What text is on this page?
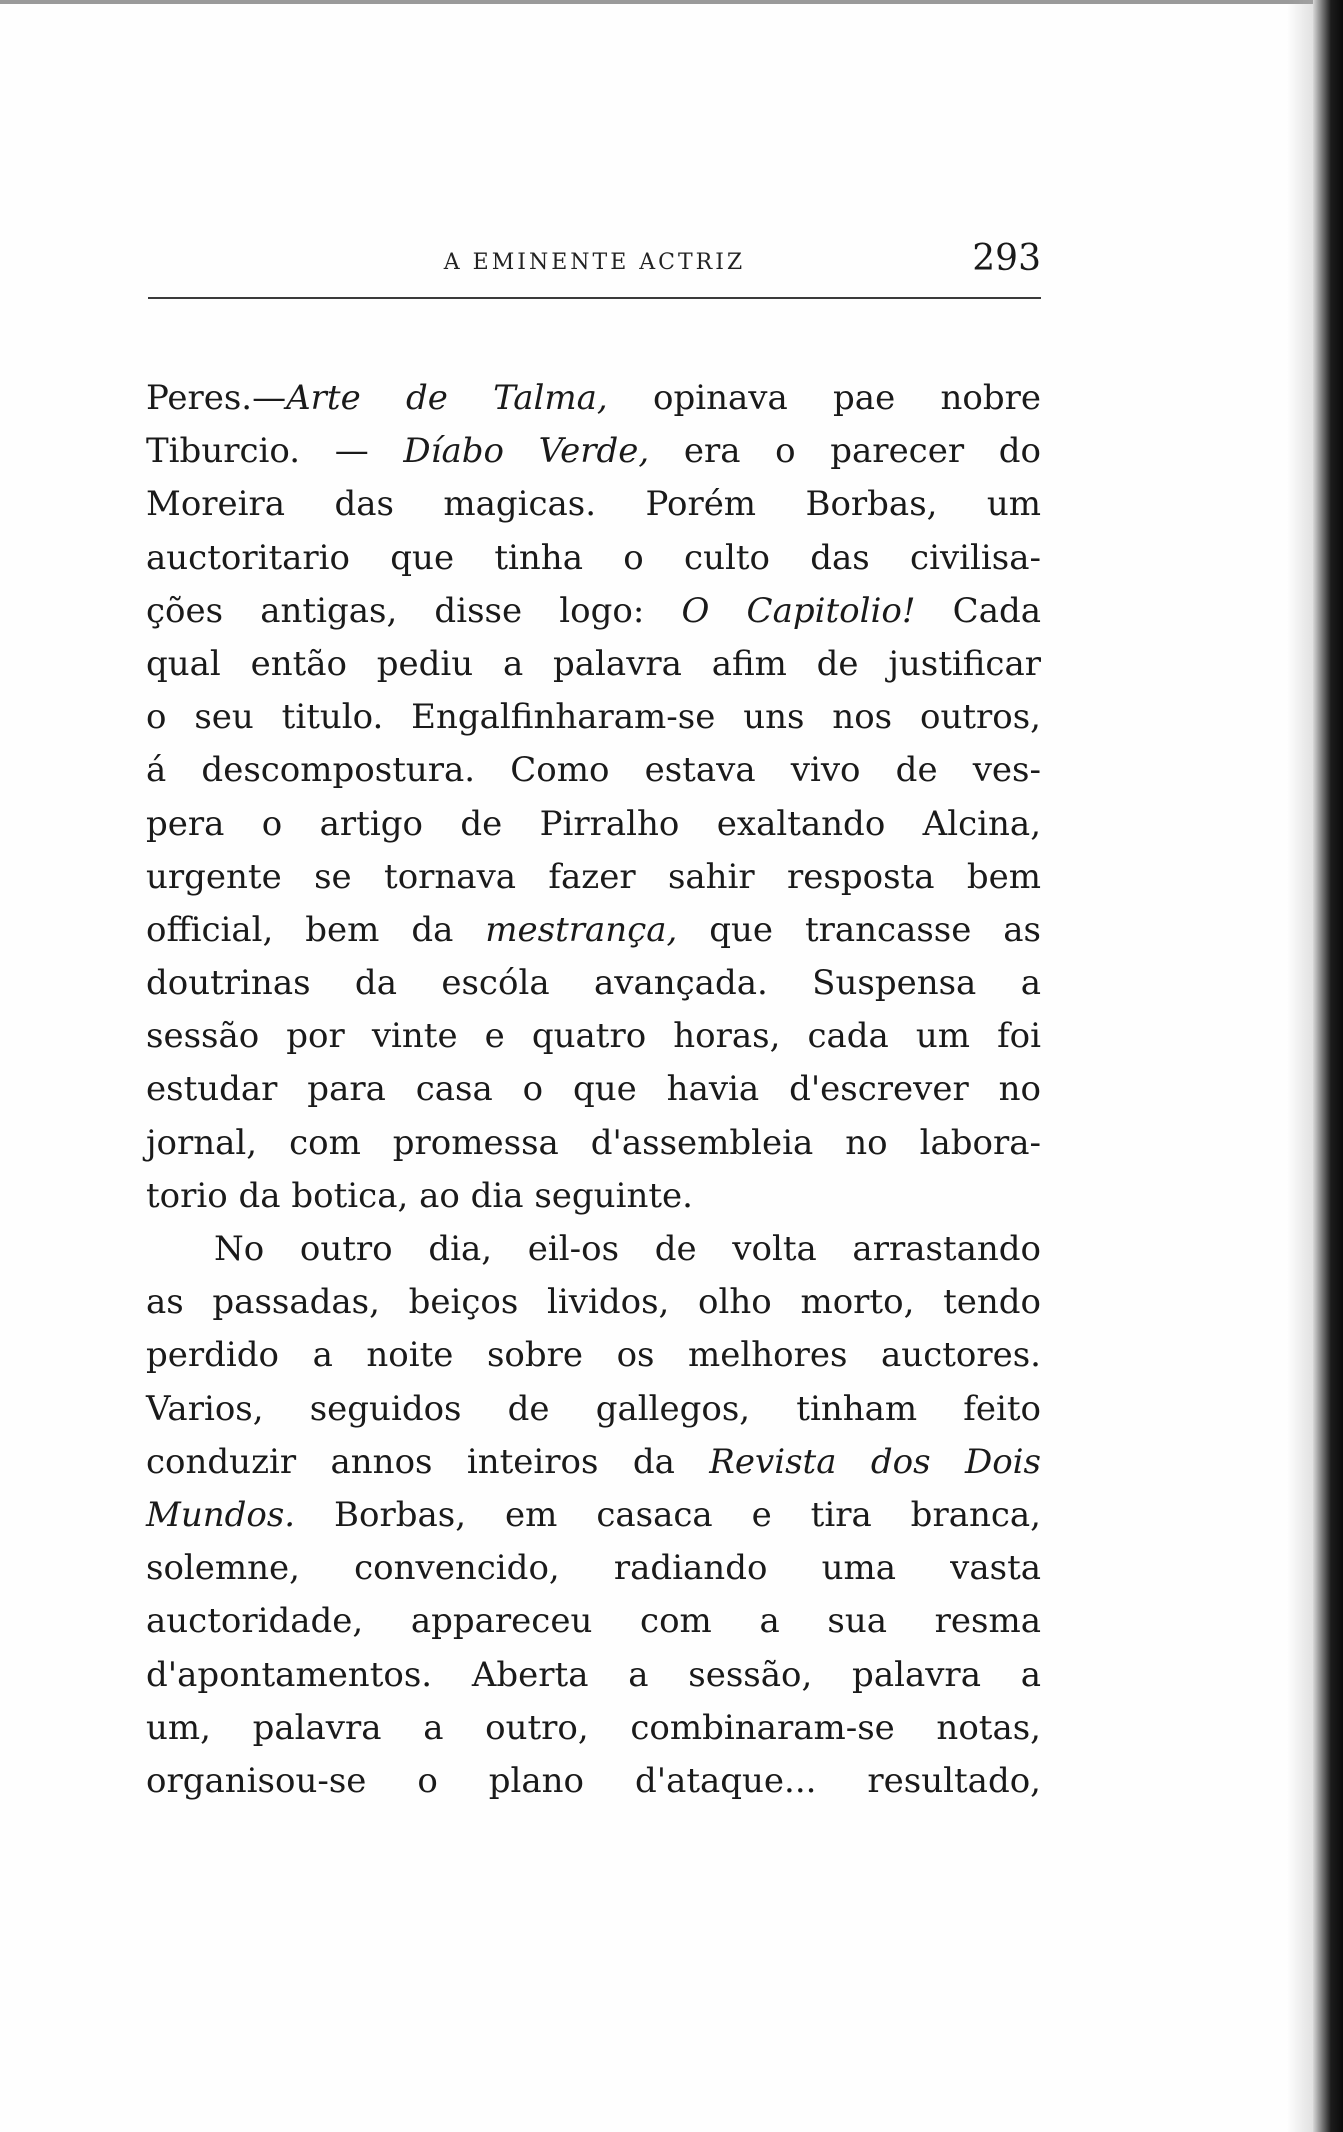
A EMINENTE ACTRIZ	293
Peres.—Arte de Talma, opinava pae nobre
Tiburcio. — Díabo Verde, era o parecer do
Moreira das magicas. Porém Borbas, um
auctoritario que tinha o culto das civilisa-
ções antigas, disse logo: O Capitolio! Cada
qual então pediu a palavra afim de justificar
o seu titulo. Engalfinharam-se uns nos outros,
á descompostura. Como estava vivo de ves-
pera o artigo de Pirralho exaltando Alcina,
urgente se tornava fazer sahir resposta bem
official, bem da mestrança, que trancasse as
doutrinas da escóla avançada. Suspensa a
sessão por vinte e quatro horas, cada um foi
estudar para casa o que havia d'escrever no
jornal, com promessa d'assembleia no labora-
torio da botica, ao dia seguinte.
No outro dia, eil-os de volta arrastando
as passadas, beiços lividos, olho morto, tendo
perdido a noite sobre os melhores auctores.
Varios, seguidos de gallegos, tinham feito
conduzir annos inteiros da Revista dos Dois
Mundos. Borbas, em casaca e tira branca,
solemne, convencido, radiando uma vasta
auctoridade, appareceu com a sua resma
d'apontamentos. Aberta a sessão, palavra a
um, palavra a outro, combinaram-se notas,
organisou-se o plano d'ataque... resultado,
